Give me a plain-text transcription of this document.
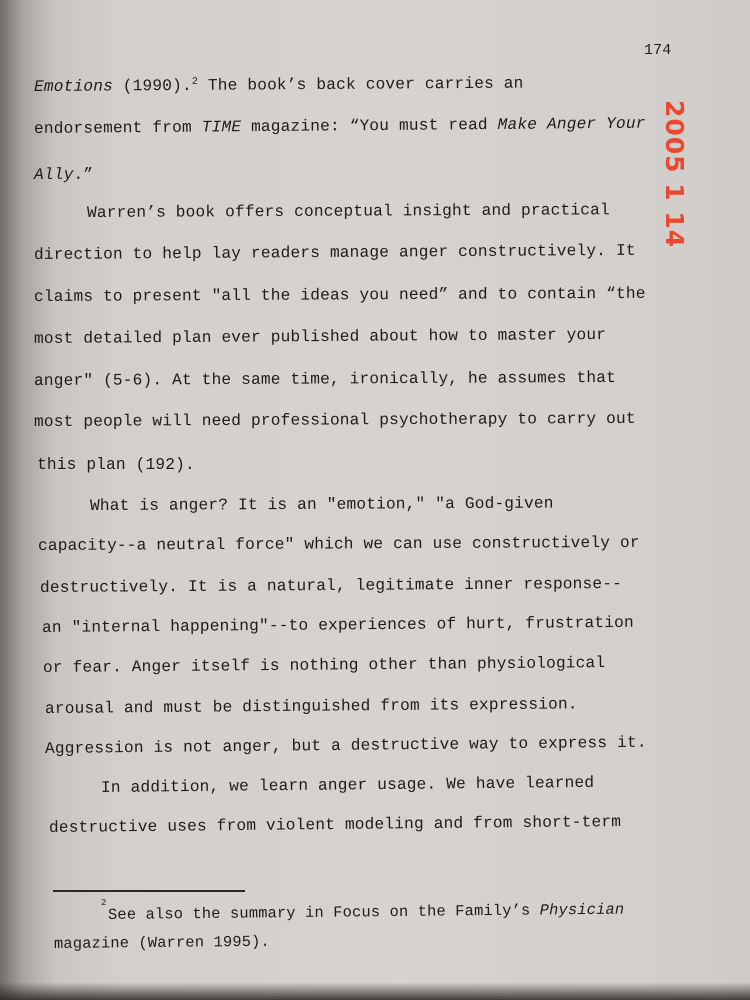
174
Emotions (1990).$^2$ The book’s back cover carries an
endorsement from TIME magazine: “You must read Make Anger Your
Ally.”
Warren’s book offers conceptual insight and practical
direction to help lay readers manage anger constructively. It
claims to present "all the ideas you need” and to contain “the
most detailed plan ever published about how to master your
anger" (5-6). At the same time, ironically, he assumes that
most people will need professional psychotherapy to carry out
this plan (192).
What is anger? It is an "emotion," "a God-given
capacity--a neutral force" which we can use constructively or
destructively. It is a natural, legitimate inner response--
an "internal happening"--to experiences of hurt, frustration
or fear. Anger itself is nothing other than physiological
arousal and must be distinguished from its expression.
Aggression is not anger, but a destructive way to express it.
In addition, we learn anger usage. We have learned
destructive uses from violent modeling and from short-term
2 See also the summary in Focus on the Family’s Physician
magazine (Warren 1995).
2005 1 14
